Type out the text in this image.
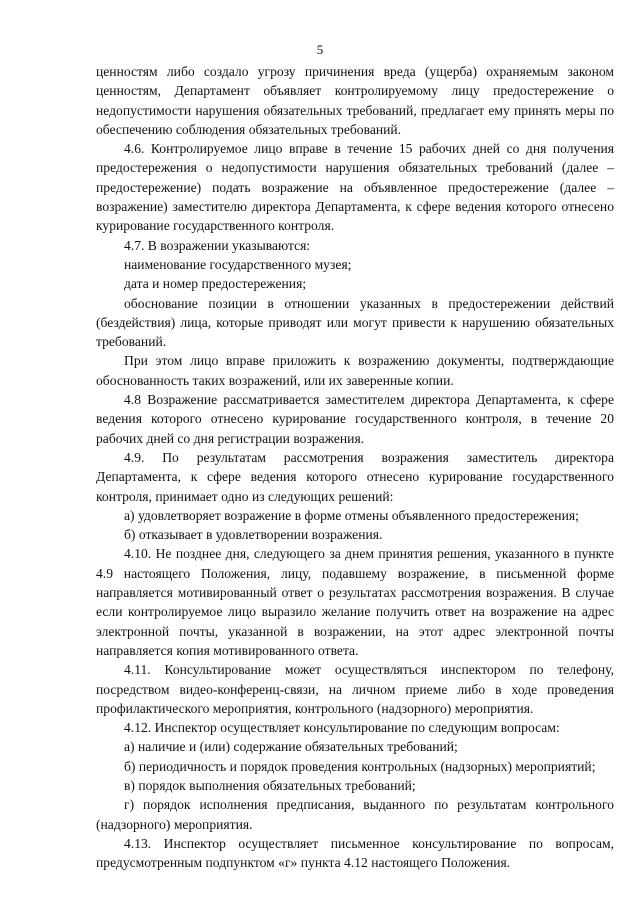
5

ценностям либо создало угрозу причинения вреда (ущерба) охраняемым законом ценностям, Департамент объявляет контролируемому лицу предостережение о недопустимости нарушения обязательных требований, предлагает ему принять меры по обеспечению соблюдения обязательных требований.

4.6. Контролируемое лицо вправе в течение 15 рабочих дней со дня получения предостережения о недопустимости нарушения обязательных требований (далее – предостережение) подать возражение на объявленное предостережение (далее – возражение) заместителю директора Департамента, к сфере ведения которого отнесено курирование государственного контроля.

4.7. В возражении указываются:

наименование государственного музея;

дата и номер предостережения;

обоснование позиции в отношении указанных в предостережении действий (бездействия) лица, которые приводят или могут привести к нарушению обязательных требований.

При этом лицо вправе приложить к возражению документы, подтверждающие обоснованность таких возражений, или их заверенные копии.

4.8 Возражение рассматривается заместителем директора Департамента, к сфере ведения которого отнесено курирование государственного контроля, в течение 20 рабочих дней со дня регистрации возражения.

4.9. По результатам рассмотрения возражения заместитель директора Департамента, к сфере ведения которого отнесено курирование государственного контроля, принимает одно из следующих решений:

а) удовлетворяет возражение в форме отмены объявленного предостережения;

б) отказывает в удовлетворении возражения.

4.10. Не позднее дня, следующего за днем принятия решения, указанного в пункте 4.9 настоящего Положения, лицу, подавшему возражение, в письменной форме направляется мотивированный ответ о результатах рассмотрения возражения. В случае если контролируемое лицо выразило желание получить ответ на возражение на адрес электронной почты, указанной в возражении, на этот адрес электронной почты направляется копия мотивированного ответа.

4.11. Консультирование может осуществляться инспектором по телефону, посредством видео-конференц-связи, на личном приеме либо в ходе проведения профилактического мероприятия, контрольного (надзорного) мероприятия.

4.12. Инспектор осуществляет консультирование по следующим вопросам:

а) наличие и (или) содержание обязательных требований;

б) периодичность и порядок проведения контрольных (надзорных) мероприятий;

в) порядок выполнения обязательных требований;

г) порядок исполнения предписания, выданного по результатам контрольного (надзорного) мероприятия.

4.13. Инспектор осуществляет письменное консультирование по вопросам, предусмотренным подпунктом «г» пункта 4.12 настоящего Положения.
